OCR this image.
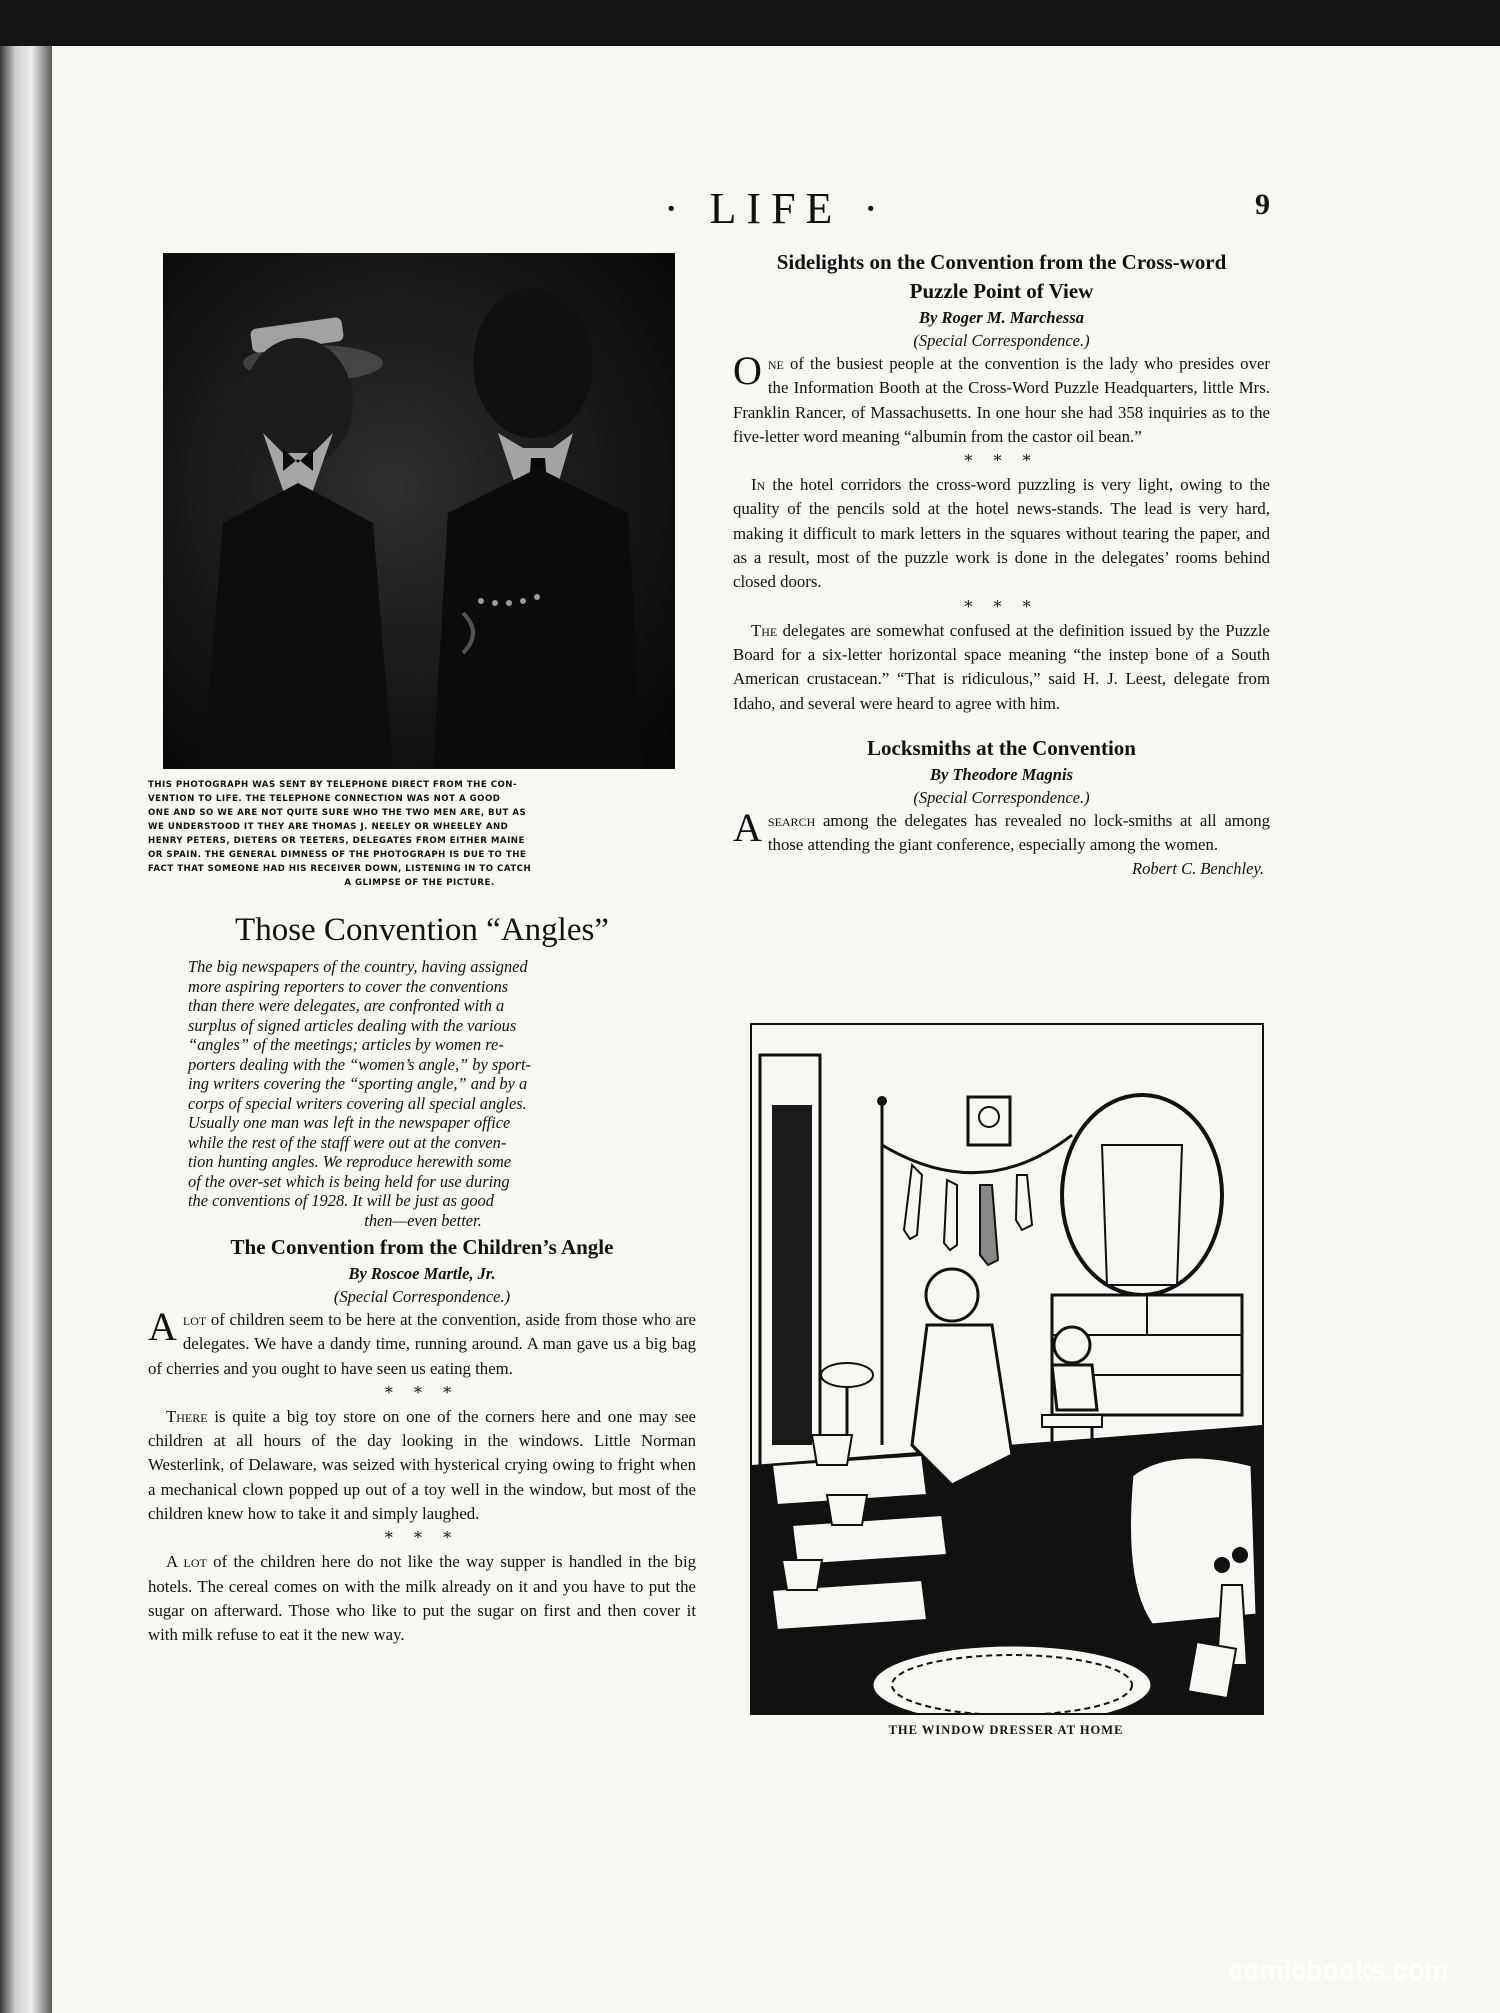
· LIFE ·	9
THIS PHOTOGRAPH WAS SENT BY TELEPHONE DIRECT FROM THE CON-
VENTION TO LIFE. THE TELEPHONE CONNECTION WAS NOT A GOOD
ONE AND SO WE ARE NOT QUITE SURE WHO THE TWO MEN ARE, BUT AS
WE UNDERSTOOD IT THEY ARE THOMAS J. NEELEY OR WHEELEY AND
HENRY PETERS, DIETERS OR TEETERS, DELEGATES FROM EITHER MAINE
OR SPAIN. THE GENERAL DIMNESS OF THE PHOTOGRAPH IS DUE TO THE
FACT THAT SOMEONE HAD HIS RECEIVER DOWN, LISTENING IN TO CATCH
A GLIMPSE OF THE PICTURE.
Those Convention “Angles”
The big newspapers of the country, having assigned
more aspiring reporters to cover the conventions
than there were delegates, are confronted with a
surplus of signed articles dealing with the various
“angles” of the meetings; articles by women re-
porters dealing with the “women’s angle,” by sport-
ing writers covering the “sporting angle,” and by a
corps of special writers covering all special angles.
Usually one man was left in the newspaper office
while the rest of the staff were out at the conven-
tion hunting angles. We reproduce herewith some
of the over-set which is being held for use during
the conventions of 1928. It will be just as good
then—even better.
The Convention from the Children’s Angle
By Roscoe Martle, Jr.
(Special Correspondence.)

Alot of children seem to be here at the convention, aside from those who are delegates. We have a dandy time, running around. A man gave us a big bag of cherries and you ought to have seen us eating them.

* * *

There is quite a big toy store on one of the corners here and one may see children at all hours of the day looking in the windows. Little Norman Westerlink, of Delaware, was seized with hysterical crying owing to fright when a mechanical clown popped up out of a toy well in the window, but most of the children knew how to take it and simply laughed.

* * *

A lot of the children here do not like the way supper is handled in the big hotels. The cereal comes on with the milk already on it and you have to put the sugar on afterward. Those who like to put the sugar on first and then cover it with milk refuse to eat it the new way.

Sidelights on the Convention from the Cross-word
Puzzle Point of View
By Roger M. Marchessa
(Special Correspondence.)

One of the busiest people at the convention is the lady who presides over the Information Booth at the Cross-Word Puzzle Headquarters, little Mrs. Franklin Rancer, of Massachusetts. In one hour she had 358 inquiries as to the five-letter word meaning “albumin from the castor oil bean.”

* * *

In the hotel corridors the cross-word puzzling is very light, owing to the quality of the pencils sold at the hotel news-stands. The lead is very hard, making it difficult to mark letters in the squares without tearing the paper, and as a result, most of the puzzle work is done in the delegates’ rooms behind closed doors.

* * *

The delegates are somewhat confused at the definition issued by the Puzzle Board for a six-letter horizontal space meaning “the instep bone of a South American crustacean.” “That is ridiculous,” said H. J. Leest, delegate from Idaho, and several were heard to agree with him.

Locksmiths at the Convention
By Theodore Magnis
(Special Correspondence.)

Asearch among the delegates has revealed no lock-smiths at all among those attending the giant conference, especially among the women.

Robert C. Benchley.
THE WINDOW DRESSER AT HOME
comicbooks.com
